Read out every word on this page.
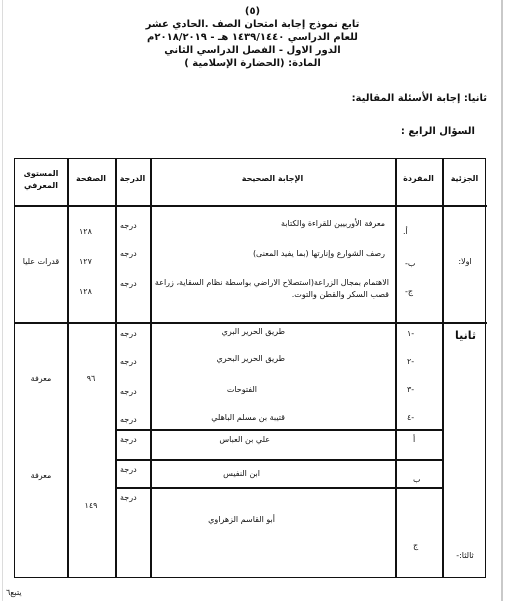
(٥)
تابع نموذج إجابة امتحان الصف .الحادي عشر
للعام الدراسي ١٤٣٩/١٤٤٠ هـ - ٢٠١٨/٢٠١٩م
الدور الاول - الفصل الدراسي الثاني
المادة: (الحضارة الإسلامية )
ثانيا: إجابة الأسئلة المقالية:
السؤال الرابع :
الجزئية
المفردة
الإجابة الصحيحة
الدرجة
الصفحة
المستوى المعرفي
اولا:
قدرات عليا
أ.
معرفة الأوربيين للقراءة والكتابة
درجه
١٢٨
ب-
رصف الشوارع وإنارتها (بما يفيد المعنى)
درجه
١٢٧
ج-
الاهتمام بمجال الزراعة(استصلاح الاراضي بواسطة نظام السقاية، زراعة قصب السكر والقطن والتوت.
درجه
١٢٨
ثانيا
معرفة	٩٦
-١
طريق الحرير البري
درجه
-٢
طريق الحرير البحري
درجه
-٣
الفتوحات
درجه
-٤
قتيبة بن مسلم الباهلي
درجه
ثالثا:-
معرفة
١٤٩
أ
علي بن العباس
درجة
ب
ابن النفيس
درجة
ج
أبو القاسم الزهراوي
درجة
يتبع٦
